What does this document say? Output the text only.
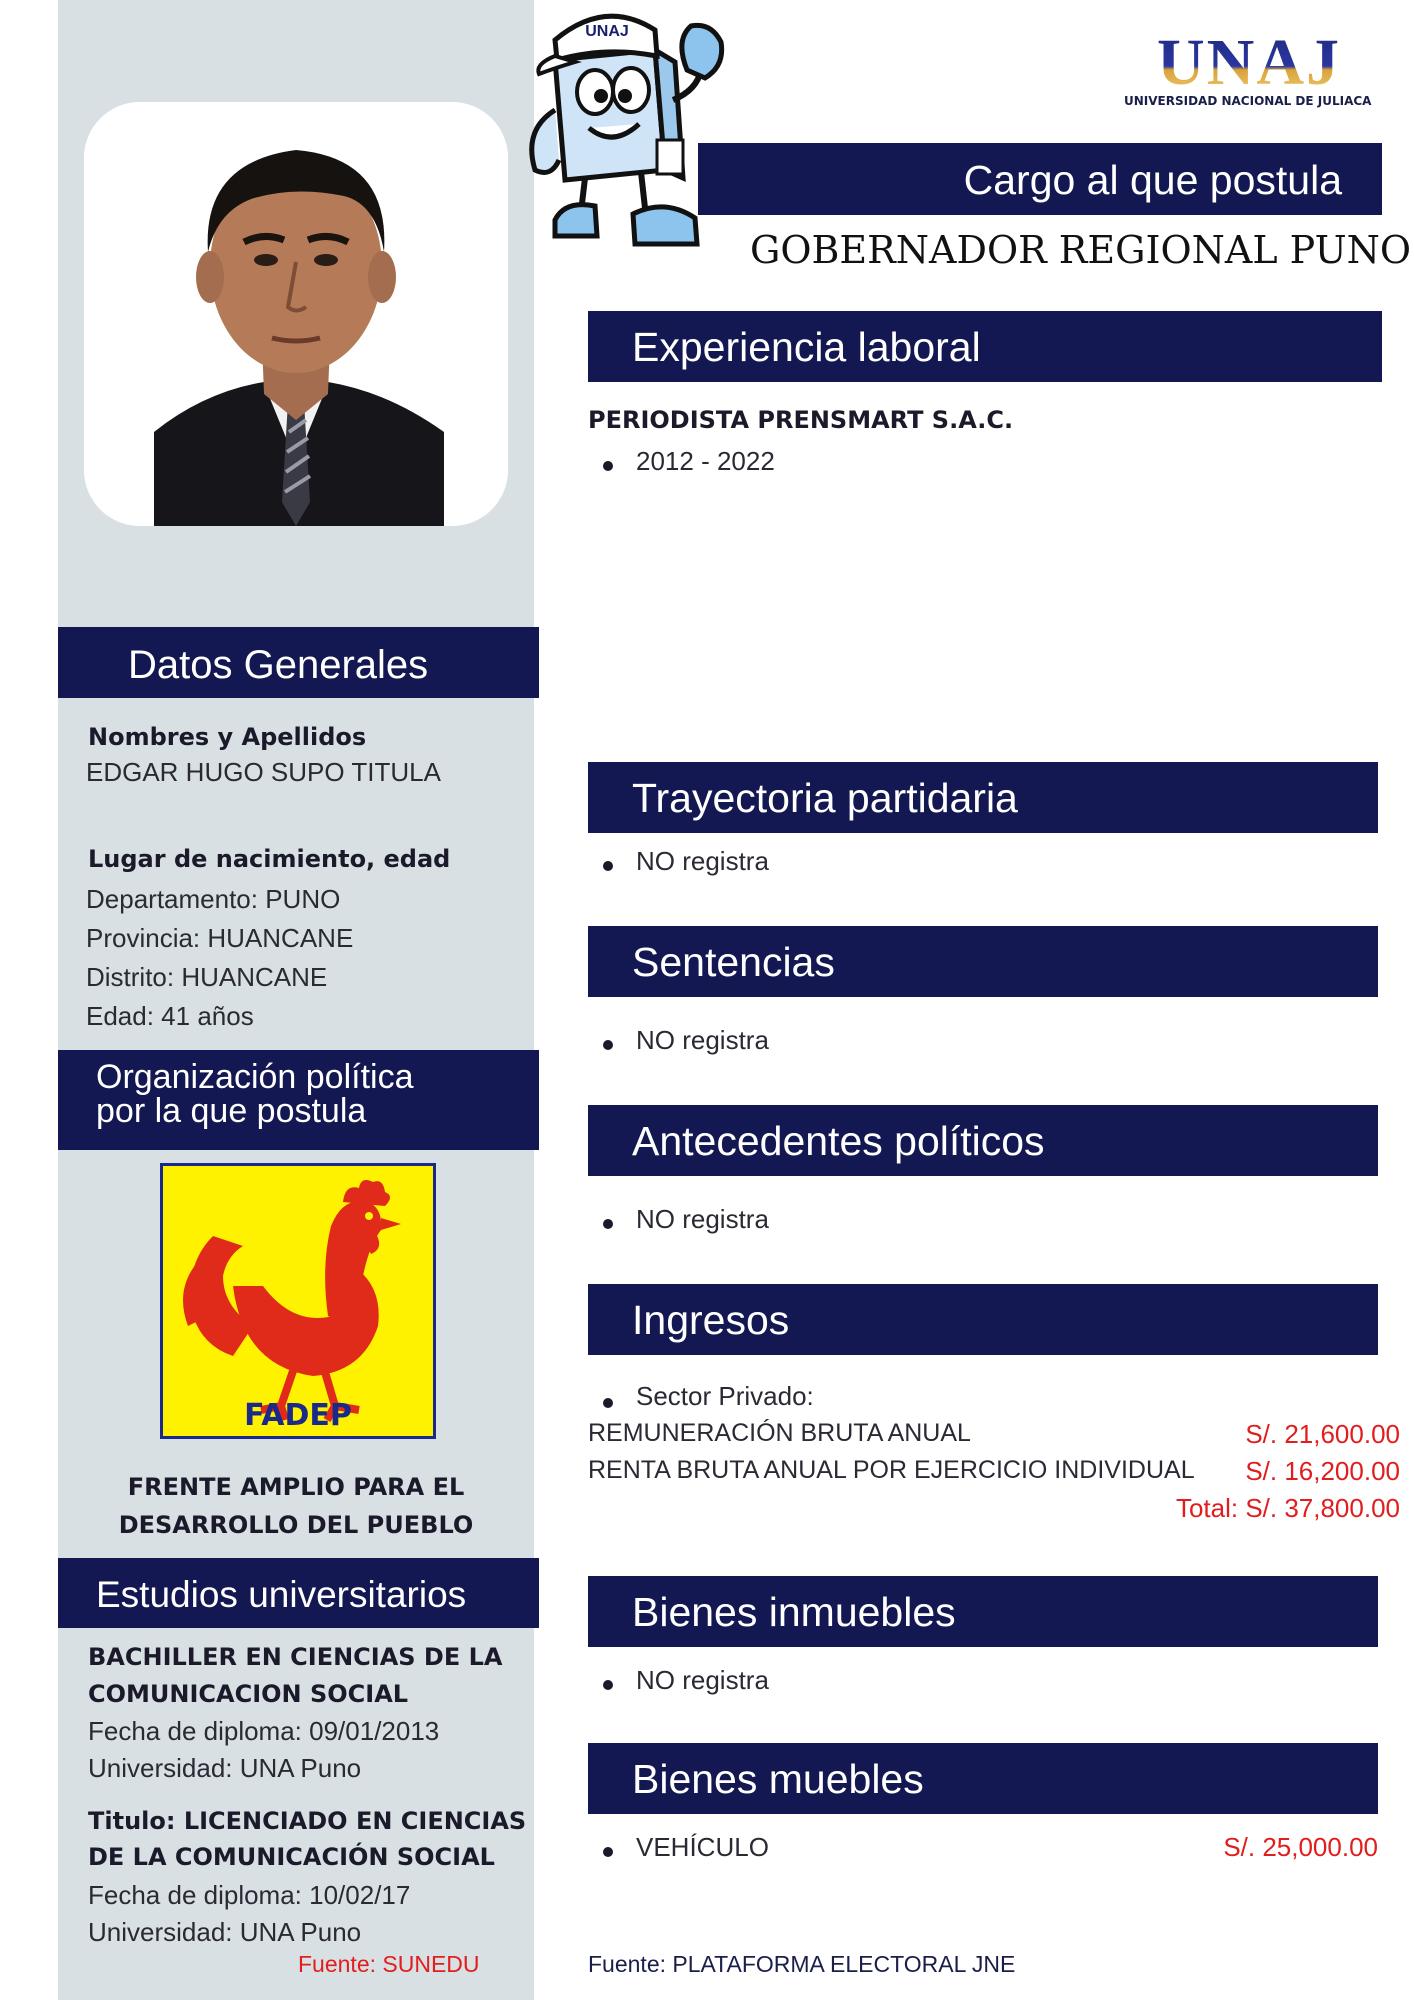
UNAJ	UNAJ
UNIVERSIDAD NACIONAL DE JULIACA
Cargo al que postula
GOBERNADOR REGIONAL PUNO
Experiencia laboral
PERIODISTA PRENSMART S.A.C.
2012 - 2022
Datos Generales
Nombres y Apellidos
EDGAR HUGO SUPO TITULA
Lugar de nacimiento, edad
Departamento: PUNO
Provincia: HUANCANE
Distrito: HUANCANE
Edad: 41 años
Organización política
por la que postula
FADEP
FRENTE AMPLIO PARA EL
DESARROLLO DEL PUEBLO
Estudios universitarios
BACHILLER EN CIENCIAS DE LA
COMUNICACION SOCIAL
Fecha de diploma: 09/01/2013
Universidad: UNA Puno
Titulo: LICENCIADO EN CIENCIAS
DE LA COMUNICACIÓN SOCIAL
Fecha de diploma: 10/02/17
Universidad: UNA Puno
Fuente: SUNEDU
Trayectoria partidaria
NO registra
Sentencias
NO registra
Antecedentes políticos
NO registra
Ingresos
Sector Privado:
REMUNERACIÓN BRUTA ANUAL	S/. 21,600.00
RENTA BRUTA ANUAL POR EJERCICIO INDIVIDUAL S/. 16,200.00
Total: S/. 37,800.00
Bienes inmuebles
NO registra
Bienes muebles
VEHÍCULO	S/. 25,000.00
Fuente: PLATAFORMA ELECTORAL JNE
